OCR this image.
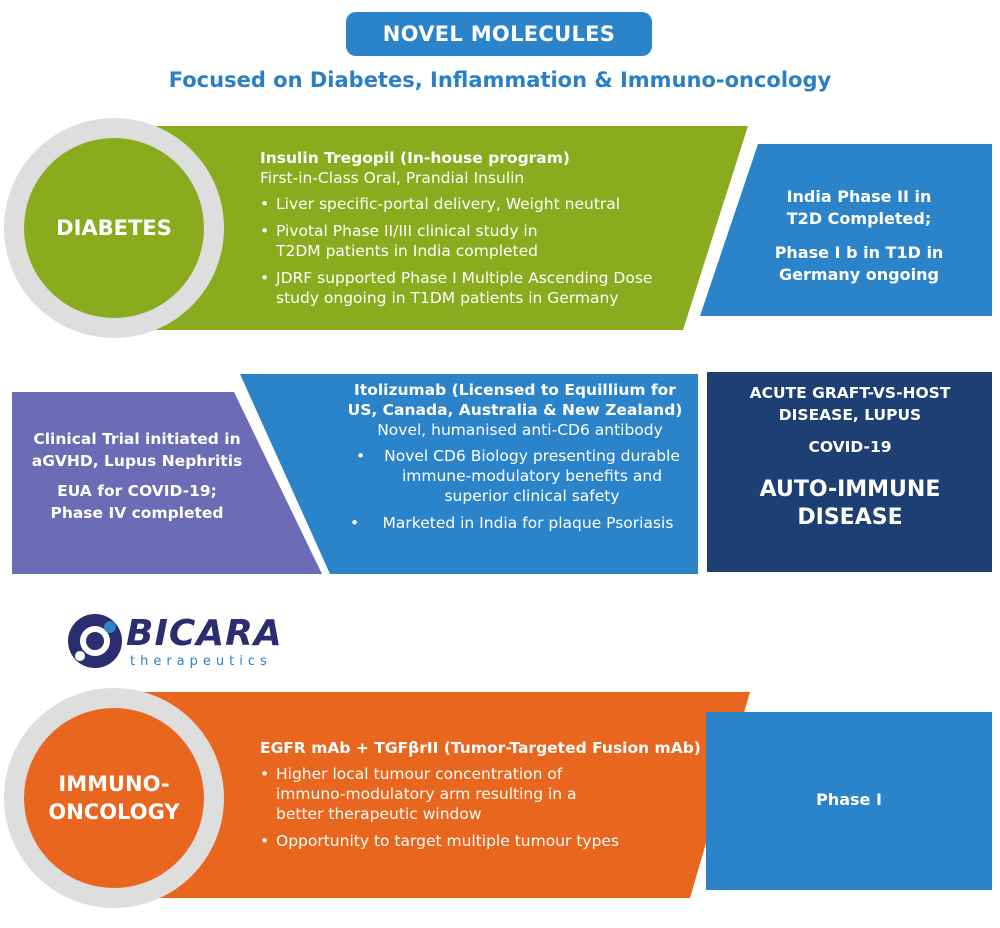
NOVEL MOLECULES
Focused on Diabetes, Inflammation & Immuno-oncology
DIABETES
Insulin Tregopil (In-house program)
First-in-Class Oral, Prandial Insulin
• Liver specific-portal delivery, Weight neutral
• Pivotal Phase II/III clinical study in T2DM patients in India completed
• JDRF supported Phase I Multiple Ascending Dose study ongoing in T1DM patients in Germany
India Phase II in T2D Completed;
Phase I b in T1D in Germany ongoing
Clinical Trial initiated in aGVHD, Lupus Nephritis
EUA for COVID-19; Phase IV completed
Itolizumab (Licensed to Equillium for US, Canada, Australia & New Zealand)
Novel, humanised anti-CD6 antibody
• Novel CD6 Biology presenting durable immune-modulatory benefits and superior clinical safety
• Marketed in India for plaque Psoriasis
ACUTE GRAFT-VS-HOST DISEASE, LUPUS
COVID-19
AUTO-IMMUNE DISEASE
BICARA
therapeutics
IMMUNO-
ONCOLOGY
EGFR mAb + TGFβrII (Tumor-Targeted Fusion mAb)
• Higher local tumour concentration of immuno-modulatory arm resulting in a better therapeutic window
• Opportunity to target multiple tumour types
Phase I
